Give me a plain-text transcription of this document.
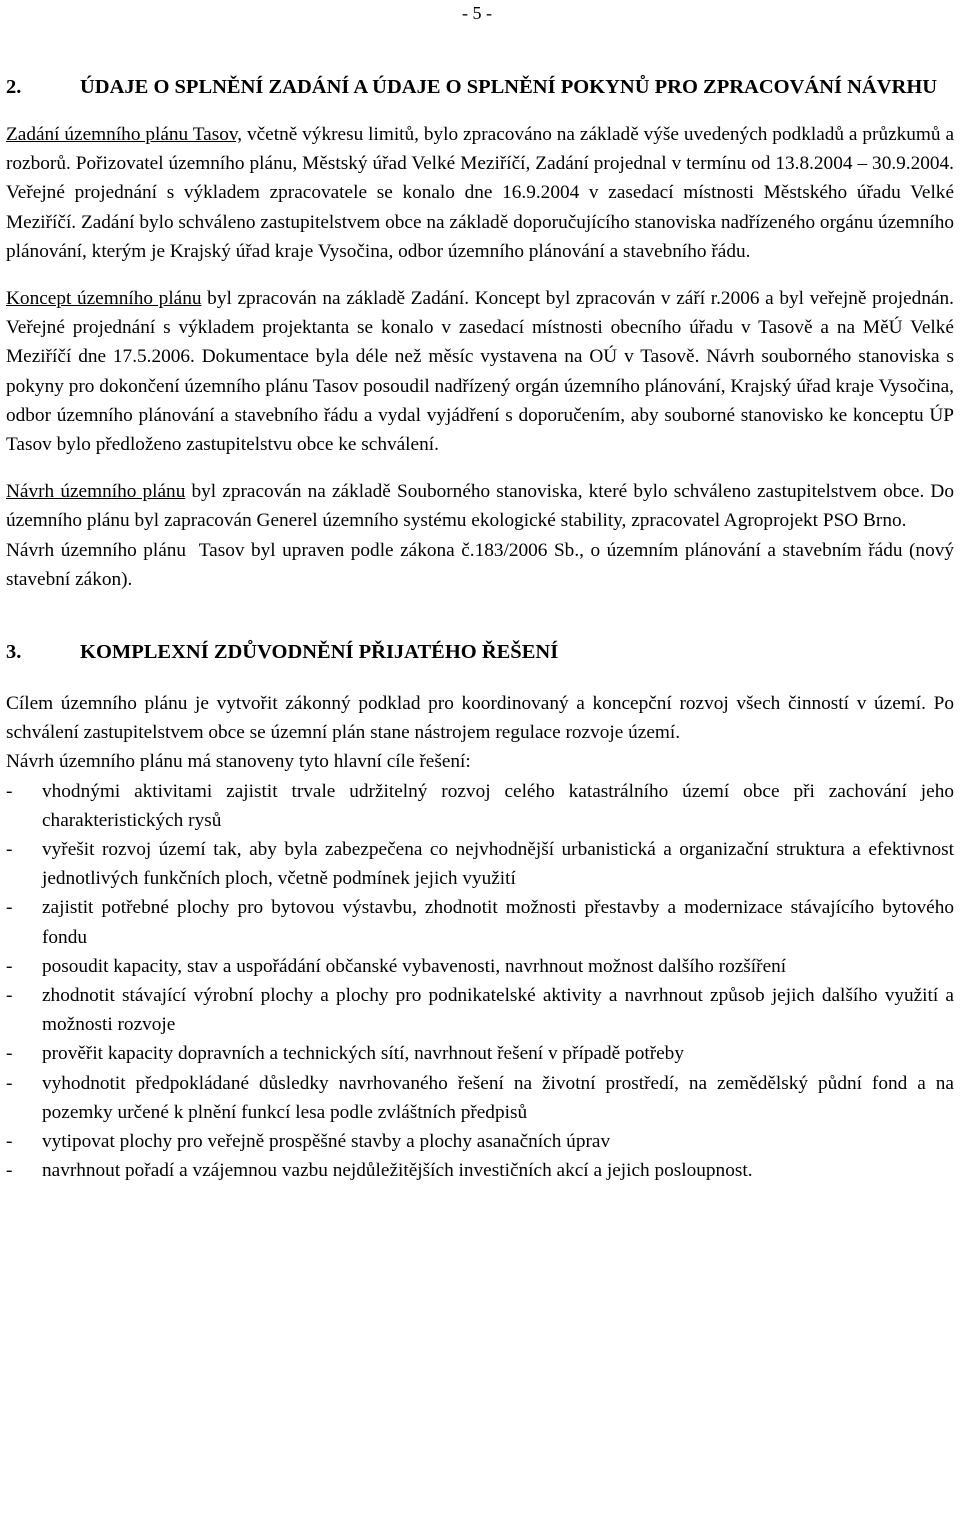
- 5 -
2.	ÚDAJE O SPLNĚNÍ ZADÁNÍ A ÚDAJE O SPLNĚNÍ POKYNŮ PRO ZPRACOVÁNÍ NÁVRHU

Zadání územního plánu Tasov, včetně výkresu limitů, bylo zpracováno na základě výše uvedených podkladů a průzkumů a rozborů. Pořizovatel územního plánu, Městský úřad Velké Meziříčí, Zadání projednal v termínu od 13.8.2004 – 30.9.2004. Veřejné projednání s výkladem zpracovatele se konalo dne 16.9.2004 v zasedací místnosti Městského úřadu Velké Meziříčí. Zadání bylo schváleno zastupitelstvem obce na základě doporučujícího stanoviska nadřízeného orgánu územního plánování, kterým je Krajský úřad kraje Vysočina, odbor územního plánování a stavebního řádu.

Koncept územního plánu byl zpracován na základě Zadání. Koncept byl zpracován v září r.2006 a byl veřejně projednán. Veřejné projednání s výkladem projektanta se konalo v zasedací místnosti obecního úřadu v Tasově a na MěÚ Velké Meziříčí dne 17.5.2006. Dokumentace byla déle než měsíc vystavena na OÚ v Tasově. Návrh souborného stanoviska s pokyny pro dokončení územního plánu Tasov posoudil nadřízený orgán územního plánování, Krajský úřad kraje Vysočina, odbor územního plánování a stavebního řádu a vydal vyjádření s doporučením, aby souborné stanovisko ke konceptu ÚP Tasov bylo předloženo zastupitelstvu obce ke schválení.

Návrh územního plánu byl zpracován na základě Souborného stanoviska, které bylo schváleno zastupitelstvem obce. Do územního plánu byl zapracován Generel územního systému ekologické stability, zpracovatel Agroprojekt PSO Brno.

Návrh územního plánu  Tasov byl upraven podle zákona č.183/2006 Sb., o územním plánování a stavebním řádu (nový stavební zákon).

3.	KOMPLEXNÍ ZDŮVODNĚNÍ PŘIJATÉHO ŘEŠENÍ

Cílem územního plánu je vytvořit zákonný podklad pro koordinovaný a koncepční rozvoj všech činností v území. Po schválení zastupitelstvem obce se územní plán stane nástrojem regulace rozvoje území.

Návrh územního plánu má stanoveny tyto hlavní cíle řešení:

-	vhodnými aktivitami zajistit trvale udržitelný rozvoj celého katastrálního území obce při zachování jeho charakteristických rysů
-	vyřešit rozvoj území tak, aby byla zabezpečena co nejvhodnější urbanistická a organizační struktura a efektivnost jednotlivých funkčních ploch, včetně podmínek jejich využití
-	zajistit potřebné plochy pro bytovou výstavbu, zhodnotit možnosti přestavby a modernizace stávajícího bytového fondu
-	posoudit kapacity, stav a uspořádání občanské vybavenosti, navrhnout možnost dalšího rozšíření
-	zhodnotit stávající výrobní plochy a plochy pro podnikatelské aktivity a navrhnout způsob jejich dalšího využití a možnosti rozvoje
-	prověřit kapacity dopravních a technických sítí, navrhnout řešení v případě potřeby
-	vyhodnotit předpokládané důsledky navrhovaného řešení na životní prostředí, na zemědělský půdní fond a na pozemky určené k plnění funkcí lesa podle zvláštních předpisů
-	vytipovat plochy pro veřejně prospěšné stavby a plochy asanačních úprav
-	navrhnout pořadí a vzájemnou vazbu nejdůležitějších investičních akcí a jejich posloupnost.
